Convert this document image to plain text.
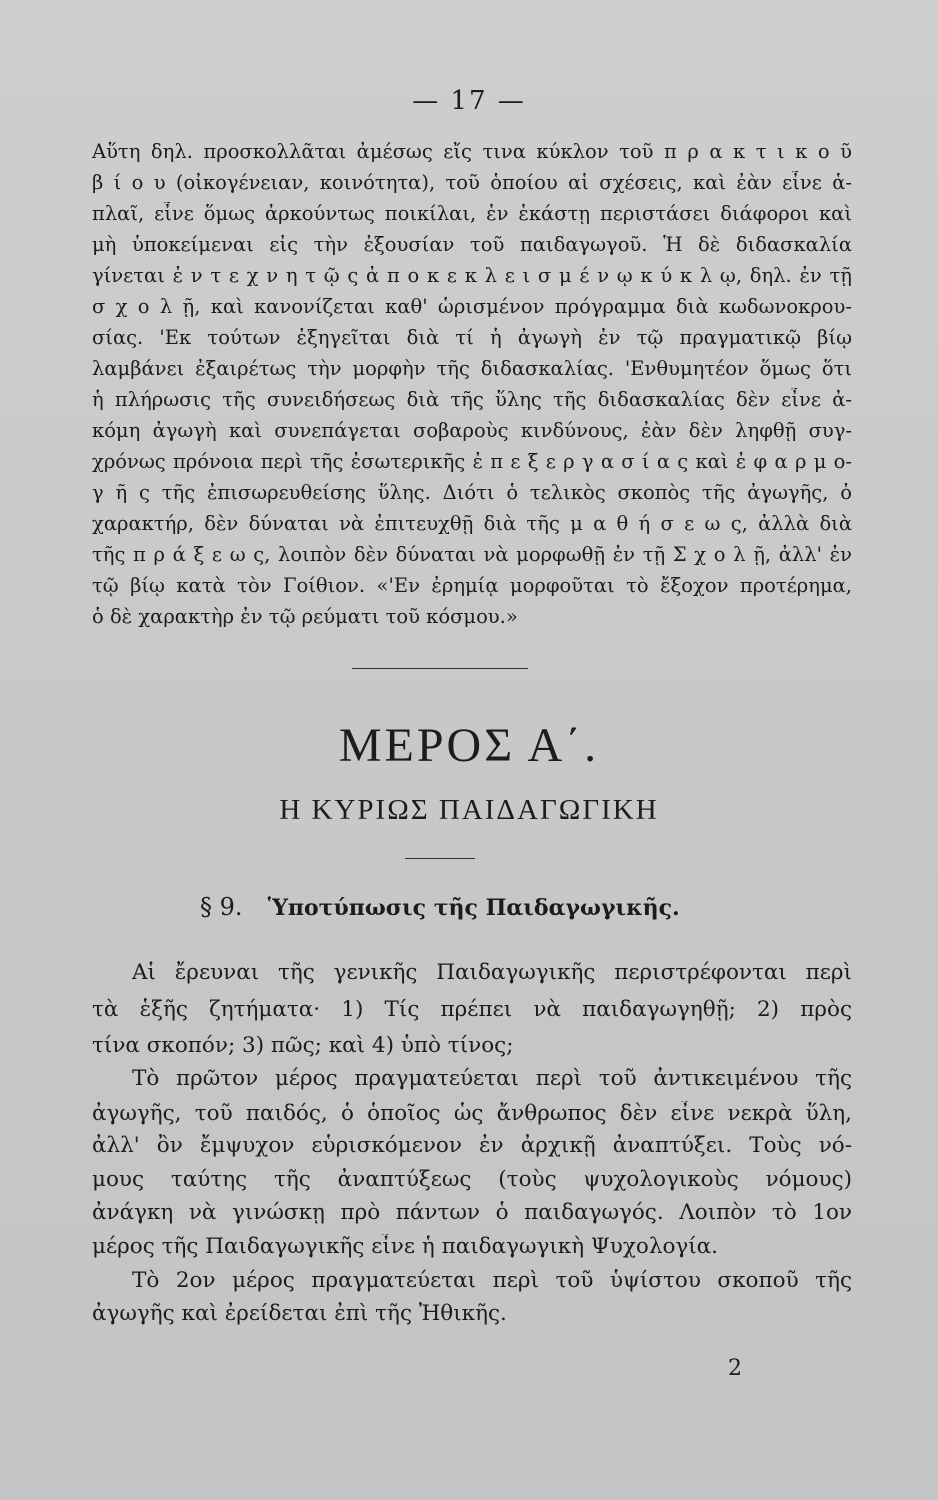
— 17 —
Αὕτη δηλ. προσκολλᾶται ἀμέσως εἴς τινα κύκλον τοῦ π ρ α κ τ ι κ ο ῦ
β ί ο υ (οἰκογένειαν, κοινότητα), τοῦ ὁποίου αἱ σχέσεις, καὶ ἐὰν εἶνε ἁ-
πλαῖ, εἶνε ὅμως ἀρκούντως ποικίλαι, ἐν ἑκάστῃ περιστάσει διάφοροι καὶ
μὴ ὑποκείμεναι εἰς τὴν ἐξουσίαν τοῦ παιδαγωγοῦ. Ἡ δὲ διδασκαλία
γίνεται ἐ ν τ ε χ ν η τ ῷ ς ἀ π ο κ ε κ λ ε ι σ μ έ ν ῳ κ ύ κ λ ῳ, δηλ. ἐν τῇ
σ χ ο λ ῇ, καὶ κανονίζεται καθ' ὡρισμένον πρόγραμμα διὰ κωδωνοκρου-
σίας. 'Εκ τούτων ἐξηγεῖται διὰ τί ἡ ἀγωγὴ ἐν τῷ πραγματικῷ βίῳ
λαμβάνει ἐξαιρέτως τὴν μορφὴν τῆς διδασκαλίας. 'Ενθυμητέον ὅμως ὅτι
ἡ πλήρωσις τῆς συνειδήσεως διὰ τῆς ὕλης τῆς διδασκαλίας δὲν εἶνε ἀ-
κόμη ἀγωγὴ καὶ συνεπάγεται σοβαροὺς κινδύνους, ἐὰν δὲν ληφθῇ συγ-
χρόνως πρόνοια περὶ τῆς ἐσωτερικῆς ἐ π ε ξ ε ρ γ α σ ί α ς καὶ ἐ φ α ρ μ ο-
γ ῆ ς τῆς ἐπισωρευθείσης ὕλης. Διότι ὁ τελικὸς σκοπὸς τῆς ἀγωγῆς, ὁ
χαρακτήρ, δὲν δύναται νὰ ἐπιτευχθῇ διὰ τῆς μ α θ ή σ ε ω ς, ἀλλὰ διὰ
τῆς π ρ ά ξ ε ω ς, λοιπὸν δὲν δύναται νὰ μορφωθῇ ἐν τῇ Σ χ ο λ ῇ, ἀλλ' ἐν
τῷ βίῳ κατὰ τὸν Γοίθιον. «'Εν ἐρημίᾳ μορφοῦται τὸ ἔξοχον προτέρημα,
ὁ δὲ χαρακτὴρ ἐν τῷ ρεύματι τοῦ κόσμου.»
ΜΕΡΟΣ Α΄.
Η ΚΥΡΙΩΣ ΠΑΙΔΑΓΩΓΙΚΗ
§ 9. Ὑποτύπωσις τῆς Παιδαγωγικῆς.
Αἱ ἔρευναι τῆς γενικῆς Παιδαγωγικῆς περιστρέφονται περὶ
τὰ ἑξῆς ζητήματα· 1) Τίς πρέπει νὰ παιδαγωγηθῇ; 2) πρὸς
τίνα σκοπόν; 3) πῶς; καὶ 4) ὑπὸ τίνος;
Τὸ πρῶτον μέρος πραγματεύεται περὶ τοῦ ἀντικειμένου τῆς
ἀγωγῆς, τοῦ παιδός, ὁ ὁποῖος ὡς ἄνθρωπος δὲν εἶνε νεκρὰ ὕλη,
ἀλλ' ὂν ἔμψυχον εὑρισκόμενον ἐν ἀρχικῇ ἀναπτύξει. Τοὺς νό-
μους ταύτης τῆς ἀναπτύξεως (τοὺς ψυχολογικοὺς νόμους)
ἀνάγκη νὰ γινώσκῃ πρὸ πάντων ὁ παιδαγωγός. Λοιπὸν τὸ 1ον
μέρος τῆς Παιδαγωγικῆς εἶνε ἡ παιδαγωγικὴ Ψυχολογία.
Τὸ 2ον μέρος πραγματεύεται περὶ τοῦ ὑψίστου σκοποῦ τῆς
ἀγωγῆς καὶ ἐρείδεται ἐπὶ τῆς Ἠθικῆς.
2
